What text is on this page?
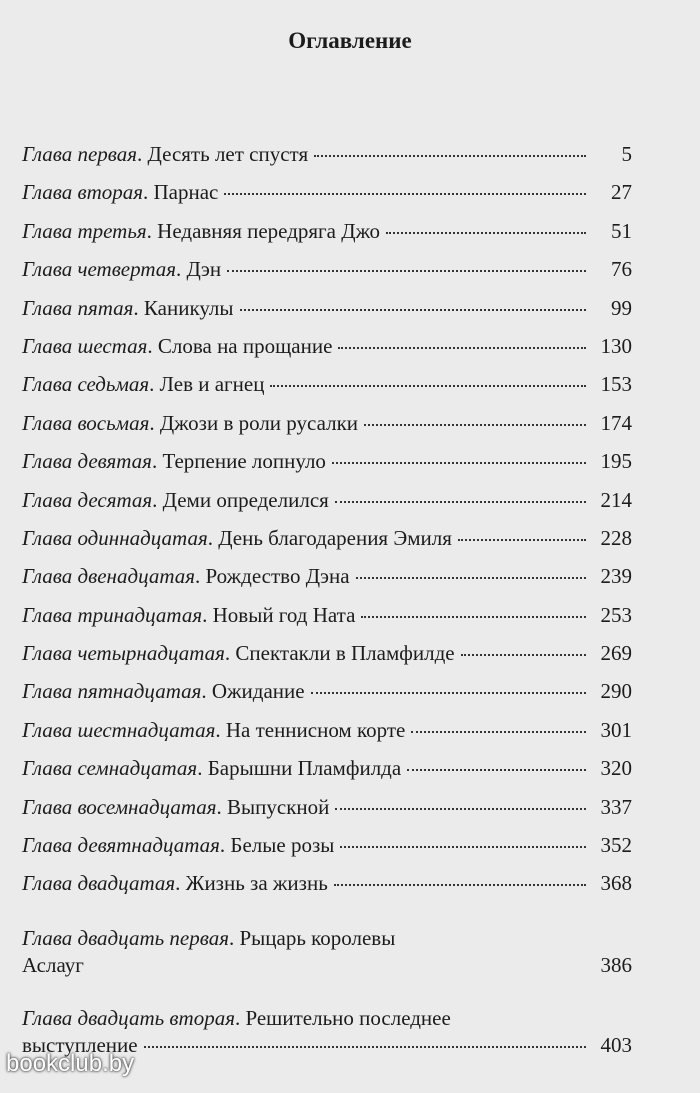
Оглавление
Глава первая. Десять лет спустя	5
Глава вторая. Парнас	27
Глава третья. Недавняя передряга Джо	51
Глава четвертая. Дэн	76
Глава пятая. Каникулы	99
Глава шестая. Слова на прощание	130
Глава седьмая. Лев и агнец	153
Глава восьмая. Джози в роли русалки	174
Глава девятая. Терпение лопнуло	195
Глава десятая. Деми определился	214
Глава одиннадцатая. День благодарения Эмиля	228
Глава двенадцатая. Рождество Дэна	239
Глава тринадцатая. Новый год Ната	253
Глава четырнадцатая. Спектакли в Пламфилде	269
Глава пятнадцатая. Ожидание	290
Глава шестнадцатая. На теннисном корте	301
Глава семнадцатая. Барышни Пламфилда	320
Глава восемнадцатая. Выпускной	337
Глава девятнадцатая. Белые розы	352
Глава двадцатая. Жизнь за жизнь	368
Глава двадцать первая. Рыцарь королевы
Аслауг	386
Глава двадцать вторая. Решительно последнее
выступление	403
bookclub.by
